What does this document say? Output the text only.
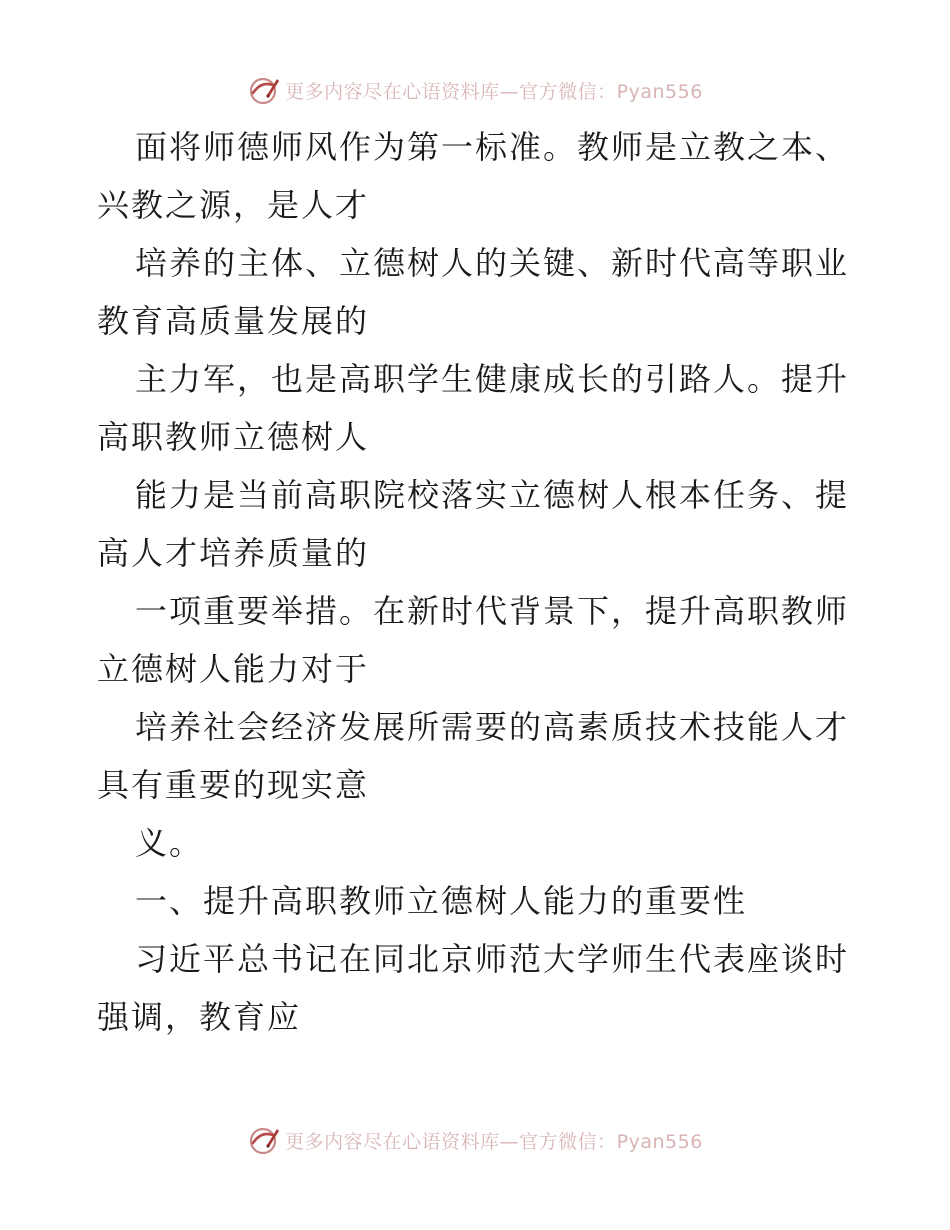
更多内容尽在心语资料库—官方微信：Pyan556
面将师德师风作为第一标准。教师是立教之本、
兴教之源，是人才
培养的主体、立德树人的关键、新时代高等职业
教育高质量发展的
主力军，也是高职学生健康成长的引路人。提升
高职教师立德树人
能力是当前高职院校落实立德树人根本任务、提
高人才培养质量的
一项重要举措。在新时代背景下，提升高职教师
立德树人能力对于
培养社会经济发展所需要的高素质技术技能人才
具有重要的现实意
义。
一、提升高职教师立德树人能力的重要性
习近平总书记在同北京师范大学师生代表座谈时
强调，教育应
更多内容尽在心语资料库—官方微信：Pyan556
